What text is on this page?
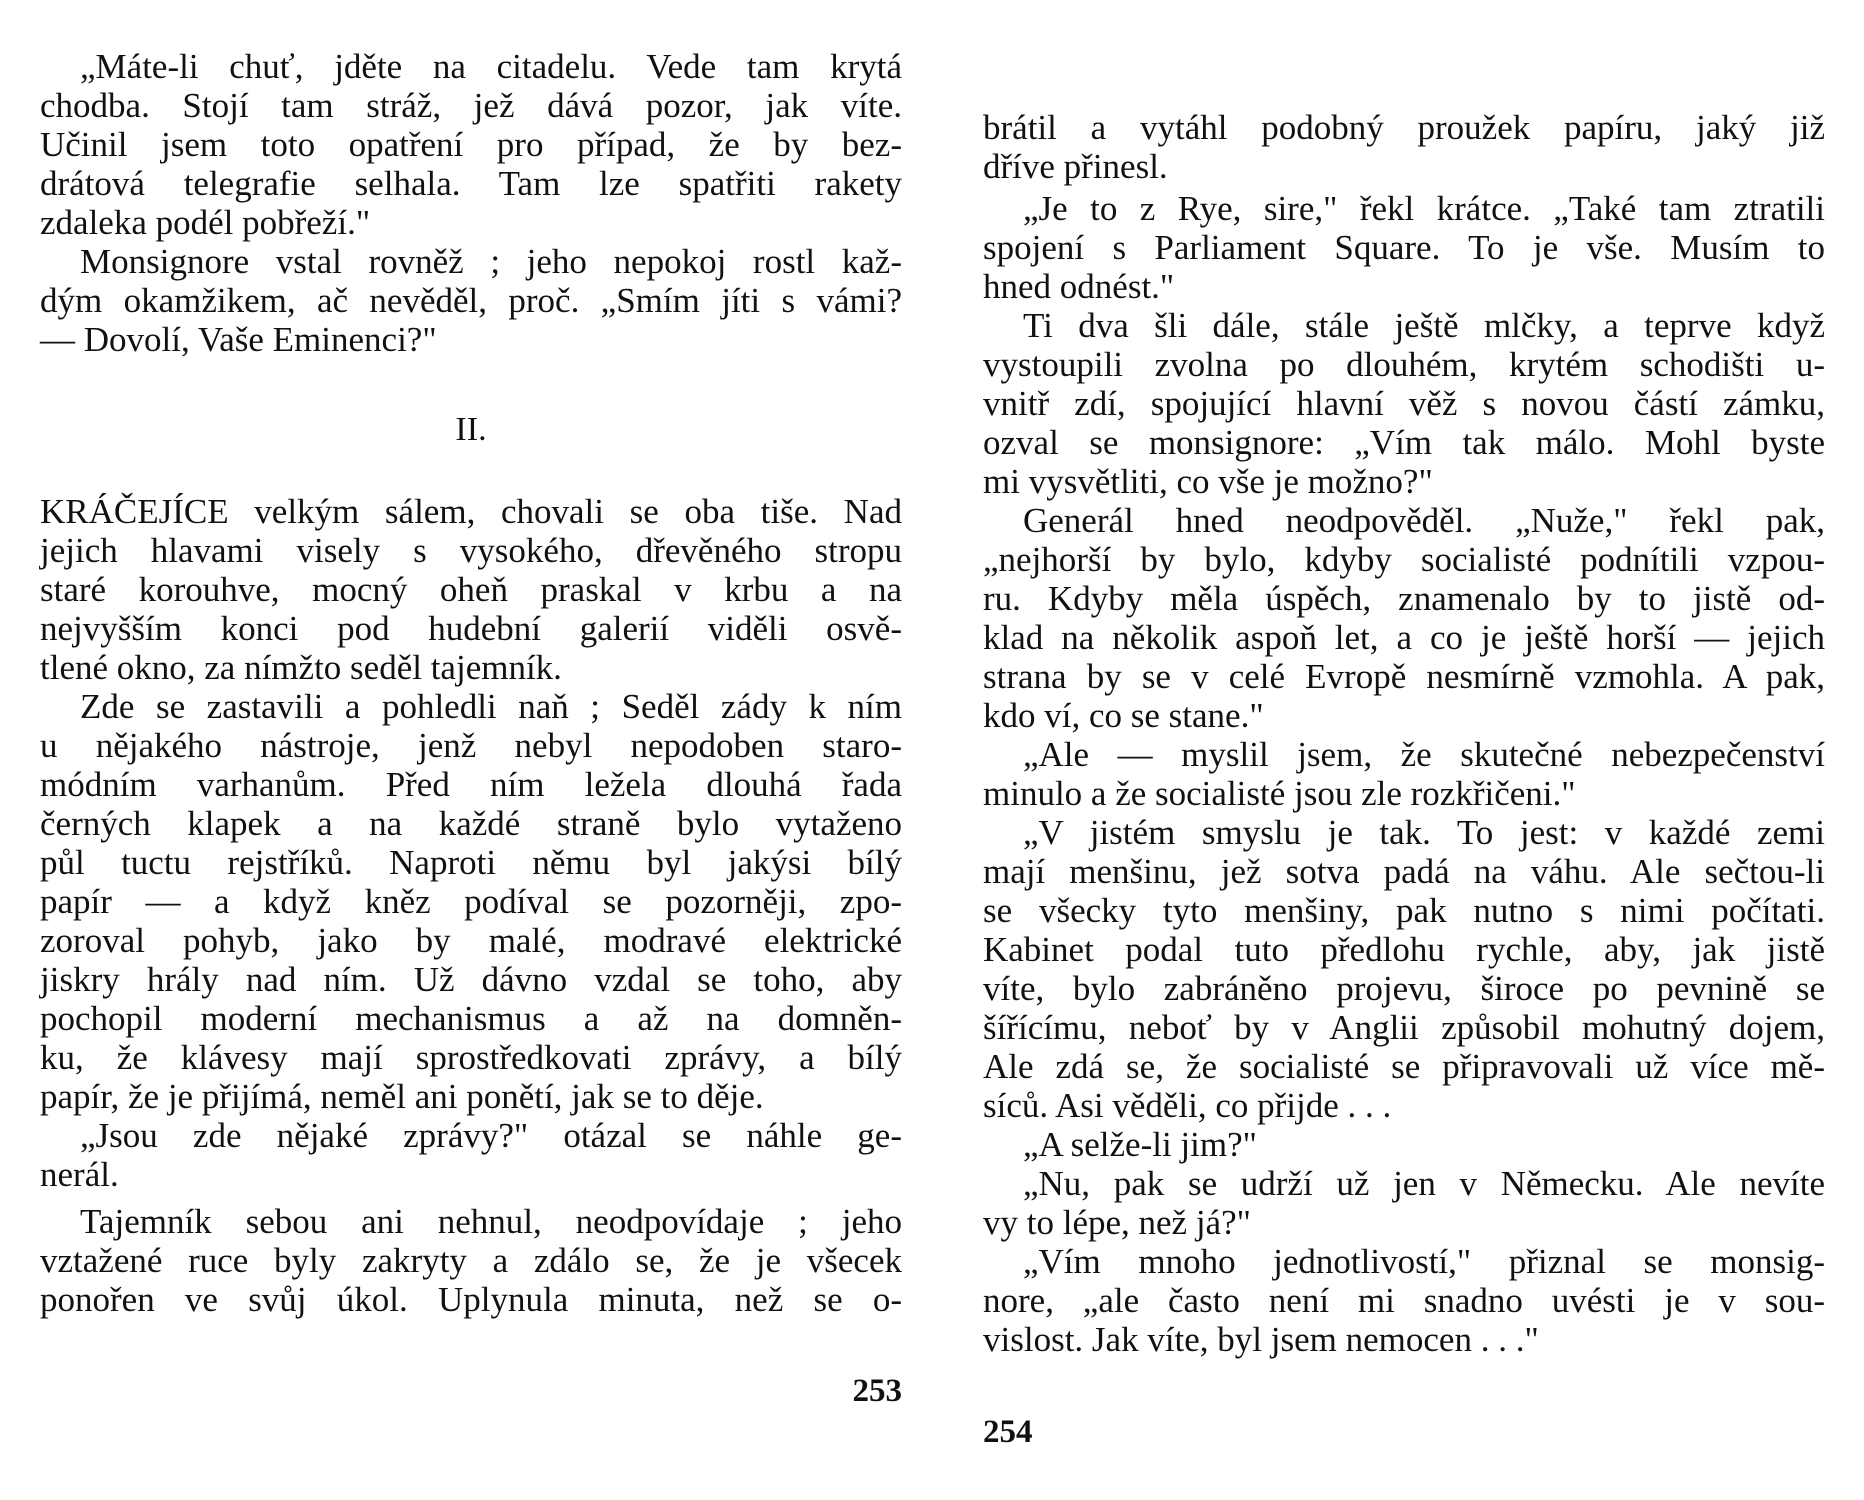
„Máte-li chuť, jděte na citadelu. Vede tam krytá
chodba. Stojí tam stráž, jež dává pozor, jak víte.
Učinil jsem toto opatření pro případ, že by bez-
drátová telegrafie selhala. Tam lze spatřiti rakety
zdaleka podél pobřeží."
Monsignore vstal rovněž ; jeho nepokoj rostl kaž-
dým okamžikem, ač nevěděl, proč. „Smím jíti s vámi?
— Dovolí, Vaše Eminenci?"
II.
KRÁČEJÍCE velkým sálem, chovali se oba tiše. Nad
jejich hlavami visely s vysokého, dřevěného stropu
staré korouhve, mocný oheň praskal v krbu a na
nejvyšším konci pod hudební galerií viděli osvě-
tlené okno, za nímžto seděl tajemník.
Zde se zastavili a pohledli naň ; Seděl zády k ním
u nějakého nástroje, jenž nebyl nepodoben staro-
módním varhanům. Před ním ležela dlouhá řada
černých klapek a na každé straně bylo vytaženo
půl tuctu rejstříků. Naproti němu byl jakýsi bílý
papír — a když kněz podíval se pozorněji, zpo-
zoroval pohyb, jako by malé, modravé elektrické
jiskry hrály nad ním. Už dávno vzdal se toho, aby
pochopil moderní mechanismus a až na domněn-
ku, že klávesy mají sprostředkovati zprávy, a bílý
papír, že je přijímá, neměl ani ponětí, jak se to děje.
„Jsou zde nějaké zprávy?" otázal se náhle ge-
nerál.
Tajemník sebou ani nehnul, neodpovídaje ; jeho
vztažené ruce byly zakryty a zdálo se, že je všecek
ponořen ve svůj úkol. Uplynula minuta, než se o-
253
brátil a vytáhl podobný proužek papíru, jaký již
dříve přinesl.
„Je to z Rye, sire," řekl krátce. „Také tam ztratili
spojení s Parliament Square. To je vše. Musím to
hned odnést."
Ti dva šli dále, stále ještě mlčky, a teprve když
vystoupili zvolna po dlouhém, krytém schodišti u-
vnitř zdí, spojující hlavní věž s novou částí zámku,
ozval se monsignore: „Vím tak málo. Mohl byste
mi vysvětliti, co vše je možno?"
Generál hned neodpověděl. „Nuže," řekl pak,
„nejhorší by bylo, kdyby socialisté podnítili vzpou-
ru. Kdyby měla úspěch, znamenalo by to jistě od-
klad na několik aspoň let, a co je ještě horší — jejich
strana by se v celé Evropě nesmírně vzmohla. A pak,
kdo ví, co se stane."
„Ale — myslil jsem, že skutečné nebezpečenství
minulo a že socialisté jsou zle rozkřičeni."
„V jistém smyslu je tak. To jest: v každé zemi
mají menšinu, jež sotva padá na váhu. Ale sečtou-li
se všecky tyto menšiny, pak nutno s nimi počítati.
Kabinet podal tuto předlohu rychle, aby, jak jistě
víte, bylo zabráněno projevu, široce po pevnině se
šířícímu, neboť by v Anglii způsobil mohutný dojem,
Ale zdá se, že socialisté se připravovali už více mě-
síců. Asi věděli, co přijde . . .
„A selže-li jim?"
„Nu, pak se udrží už jen v Německu. Ale nevíte
vy to lépe, než já?"
„Vím mnoho jednotlivostí," přiznal se monsig-
nore, „ale často není mi snadno uvésti je v sou-
vislost. Jak víte, byl jsem nemocen . . ."
254
